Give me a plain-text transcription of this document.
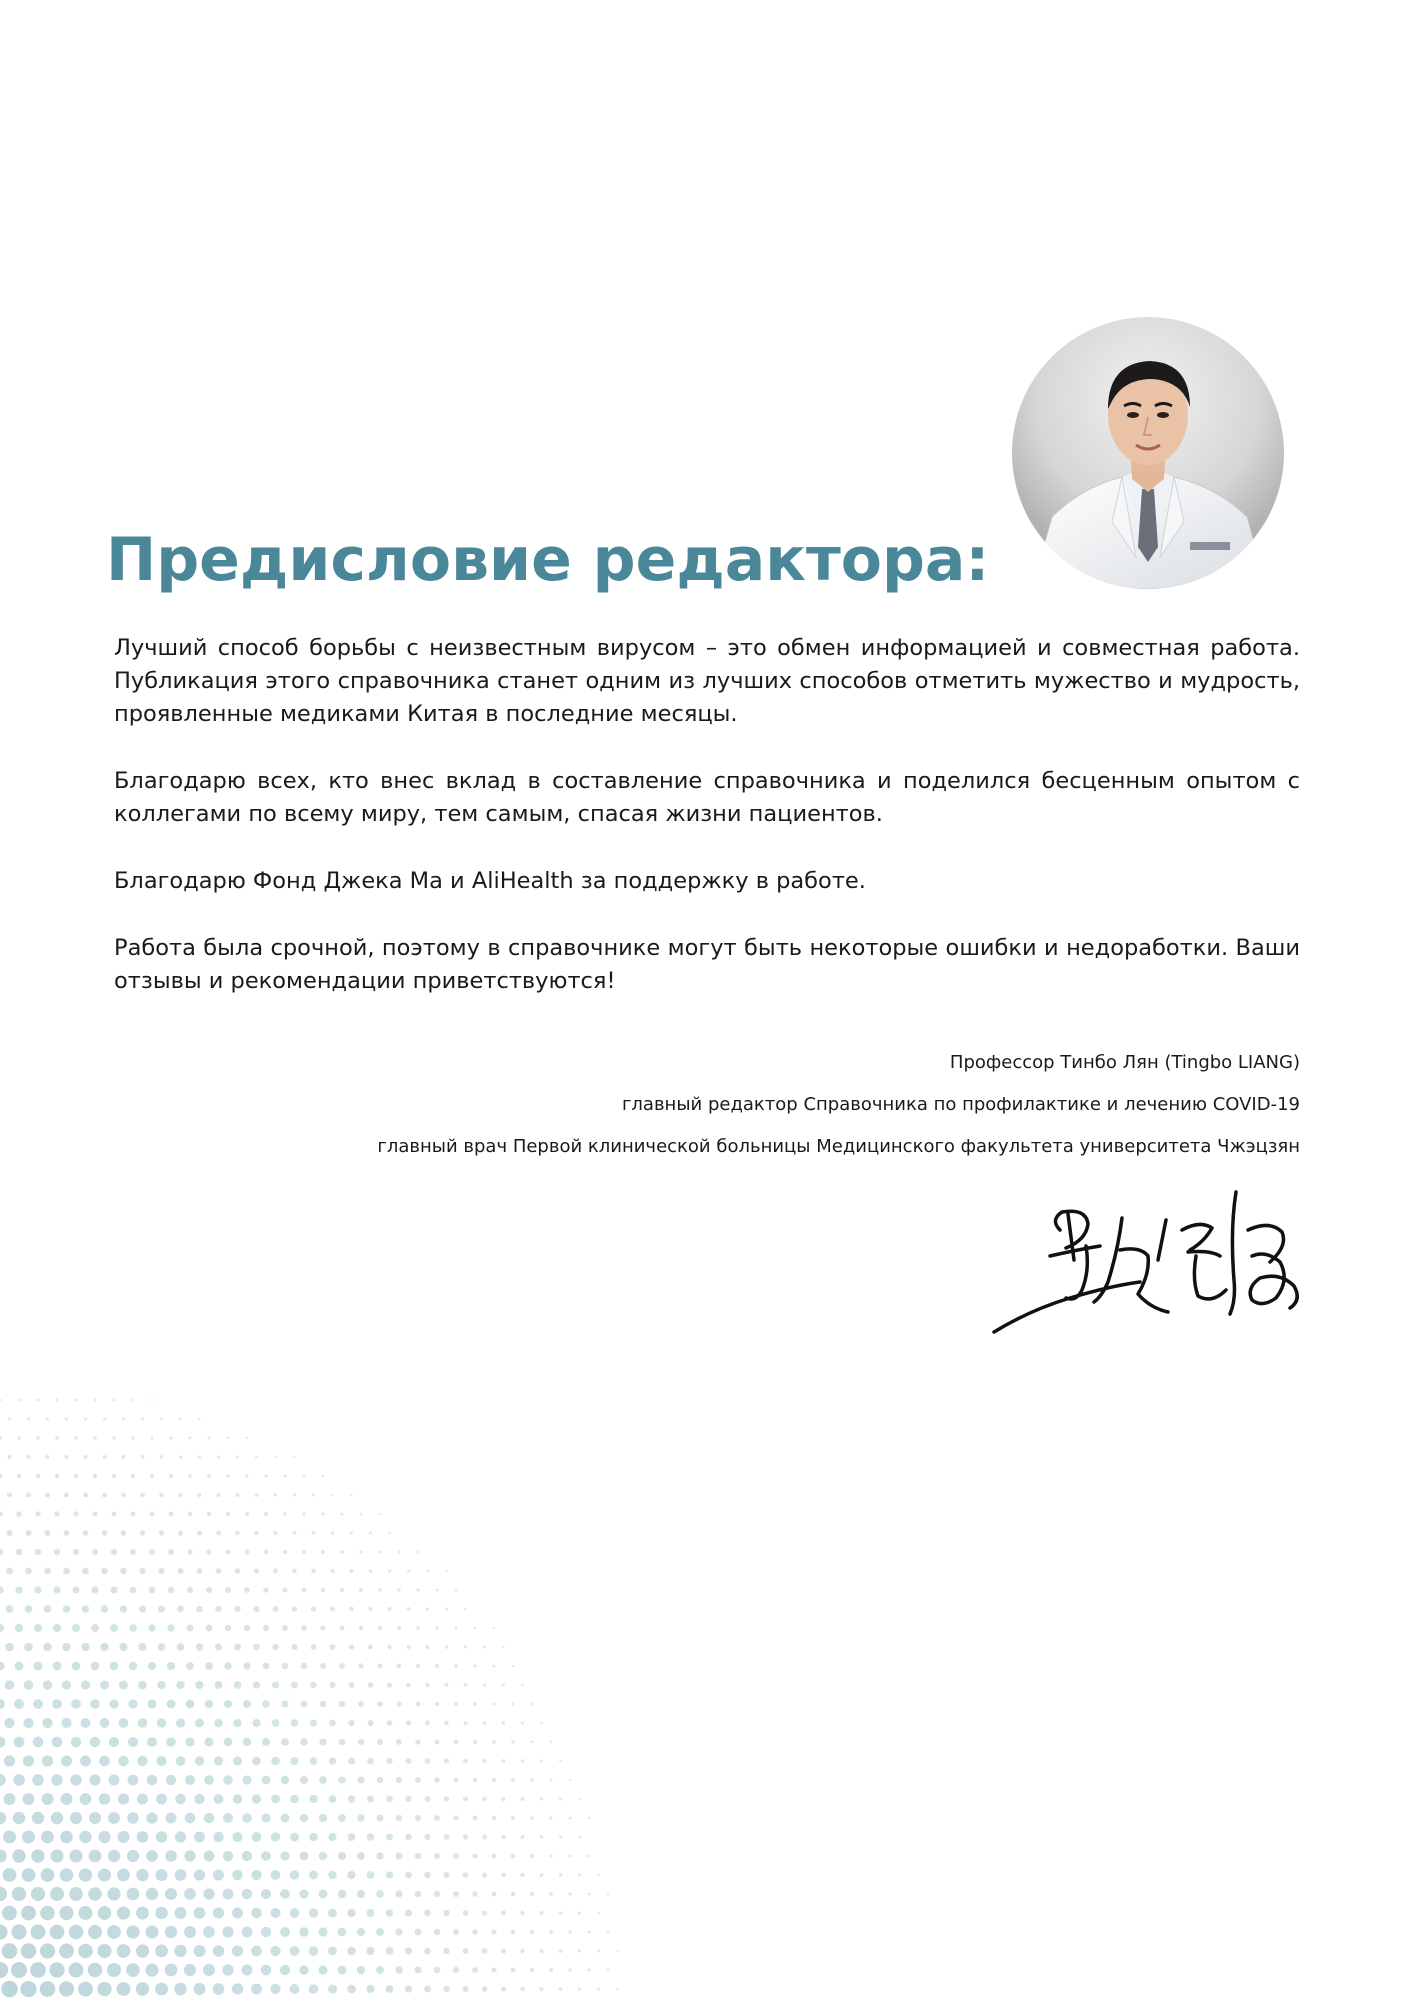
Предисловие редактора:

Лучший способ борьбы с неизвестным вирусом – это обмен информацией и совместная работа. Публикация этого справочника станет одним из лучших способов отметить мужество и мудрость, проявленные медиками Китая в последние месяцы.

Благодарю всех, кто внес вклад в составление справочника и поделился бесценным опытом с коллегами по всему миру, тем самым, спасая жизни пациентов.

Благодарю Фонд Джека Ма и AliHealth за поддержку в работе.

Работа была срочной, поэтому в справочнике могут быть некоторые ошибки и недоработки. Ваши отзывы и рекомендации приветствуются!

Профессор Тинбо Лян (Tingbo LIANG)
главный редактор Справочника по профилактике и лечению COVID-19
главный врач Первой клинической больницы Медицинского факультета университета Чжэцзян
